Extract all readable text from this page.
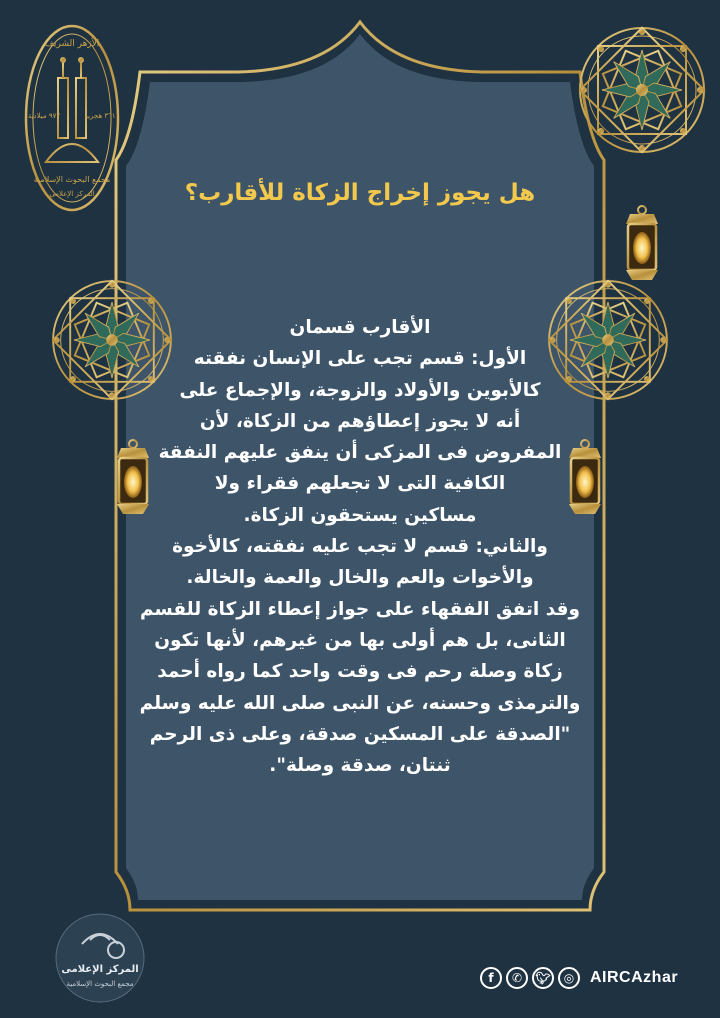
الأزهر الشريف
٣٦١ هجرية
٩٧٢ ميلادية
مجمع البحوث الإسلامية
المركز الإعلامى
المركز الإعلامى
مجمع البحوث الإسلامية
هل يجوز إخراج الزكاة للأقارب؟
الأقارب قسمان
الأول: قسم تجب على الإنسان نفقته
كالأبوين والأولاد والزوجة، والإجماع على
أنه لا يجوز إعطاؤهم من الزكاة، لأن
المفروض فى المزكى أن ينفق عليهم النفقة
الكافية التى لا تجعلهم فقراء ولا
مساكين يستحقون الزكاة.
والثاني: قسم لا تجب عليه نفقته، كالأخوة
والأخوات والعم والخال والعمة والخالة.
وقد اتفق الفقهاء على جواز إعطاء الزكاة للقسم
الثانى، بل هم أولى بها من غيرهم، لأنها تكون
زكاة وصلة رحم فى وقت واحد كما رواه أحمد
والترمذى وحسنه، عن النبى صلى الله عليه وسلم
"الصدقة على المسكين صدقة، وعلى ذى الرحم
ثنتان، صدقة وصلة".
f	✆	🐦︎	◎ AIRCAzhar
